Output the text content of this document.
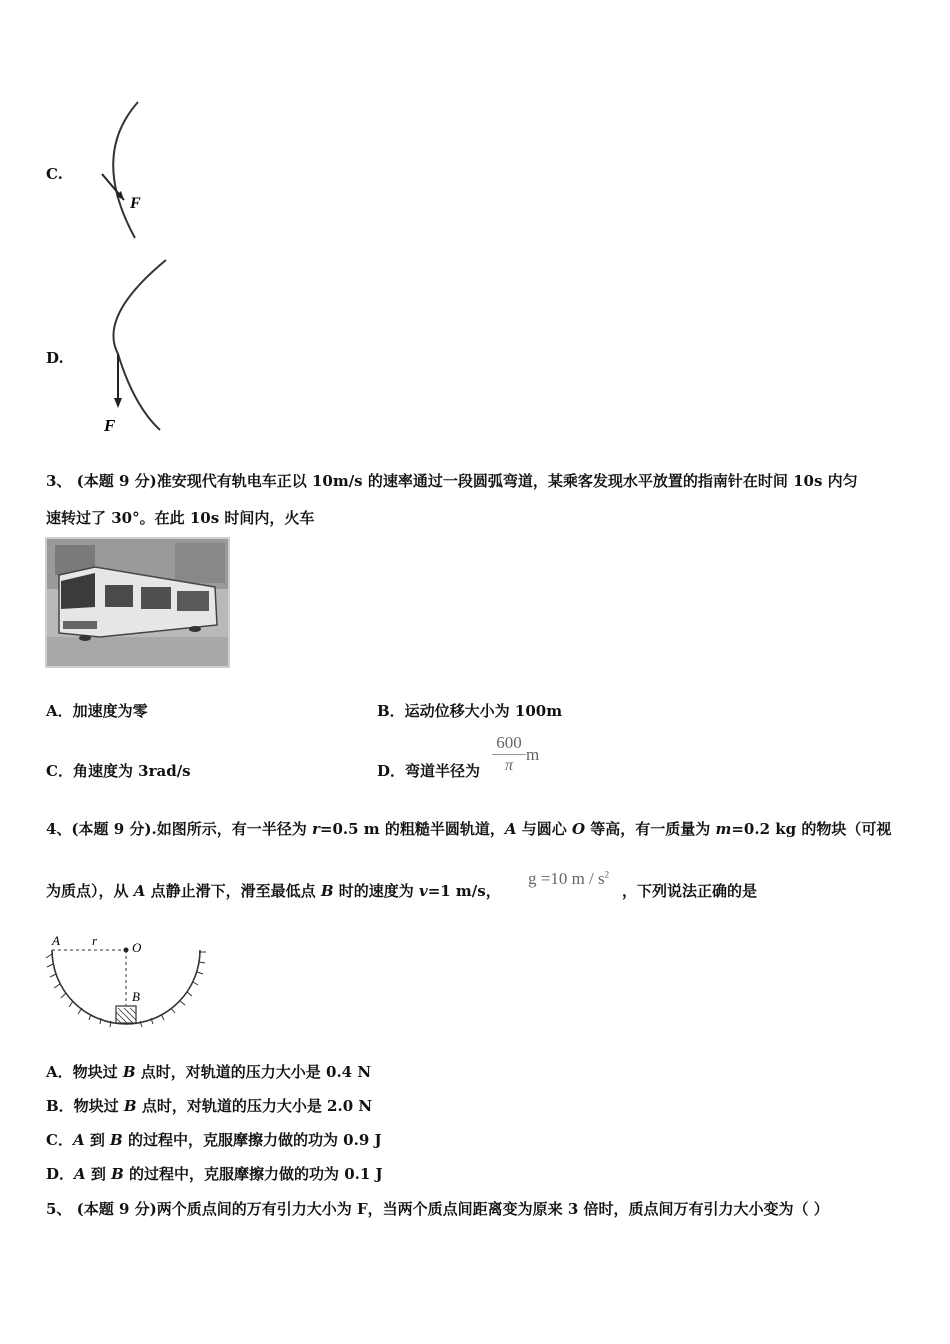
C.
F
D.
F
3、 (本题 9 分)准安现代有轨电车正以 10m/s 的速率通过一段圆弧弯道，某乘客发现水平放置的指南针在时间 10s 内匀
速转过了 30°。在此 10s 时间内，火车
A．加速度为零	B．运动位移大小为 100m
C．角速度为 3rad/s	D．弯道半径为 $\frac{600}{\pi}$ m
4、(本题 9 分).如图所示，有一半径为 r=0.5 m 的粗糙半圆轨道，A 与圆心 O 等高，有一质量为 m=0.2 kg 的物块（可视
为质点），从 A 点静止滑下，滑至最低点 B 时的速度为 v=1 m/s，
g =10 m / $s^2$
，下列说法正确的是
A r	O
B
A．物块过 B 点时，对轨道的压力大小是 0.4 N
B．物块过 B 点时，对轨道的压力大小是 2.0 N
C．A 到 B 的过程中，克服摩擦力做的功为 0.9 J
D．A 到 B 的过程中，克服摩擦力做的功为 0.1 J
5、 (本题 9 分)两个质点间的万有引力大小为 F，当两个质点间距离变为原来 3 倍时，质点间万有引力大小变为（ ）
